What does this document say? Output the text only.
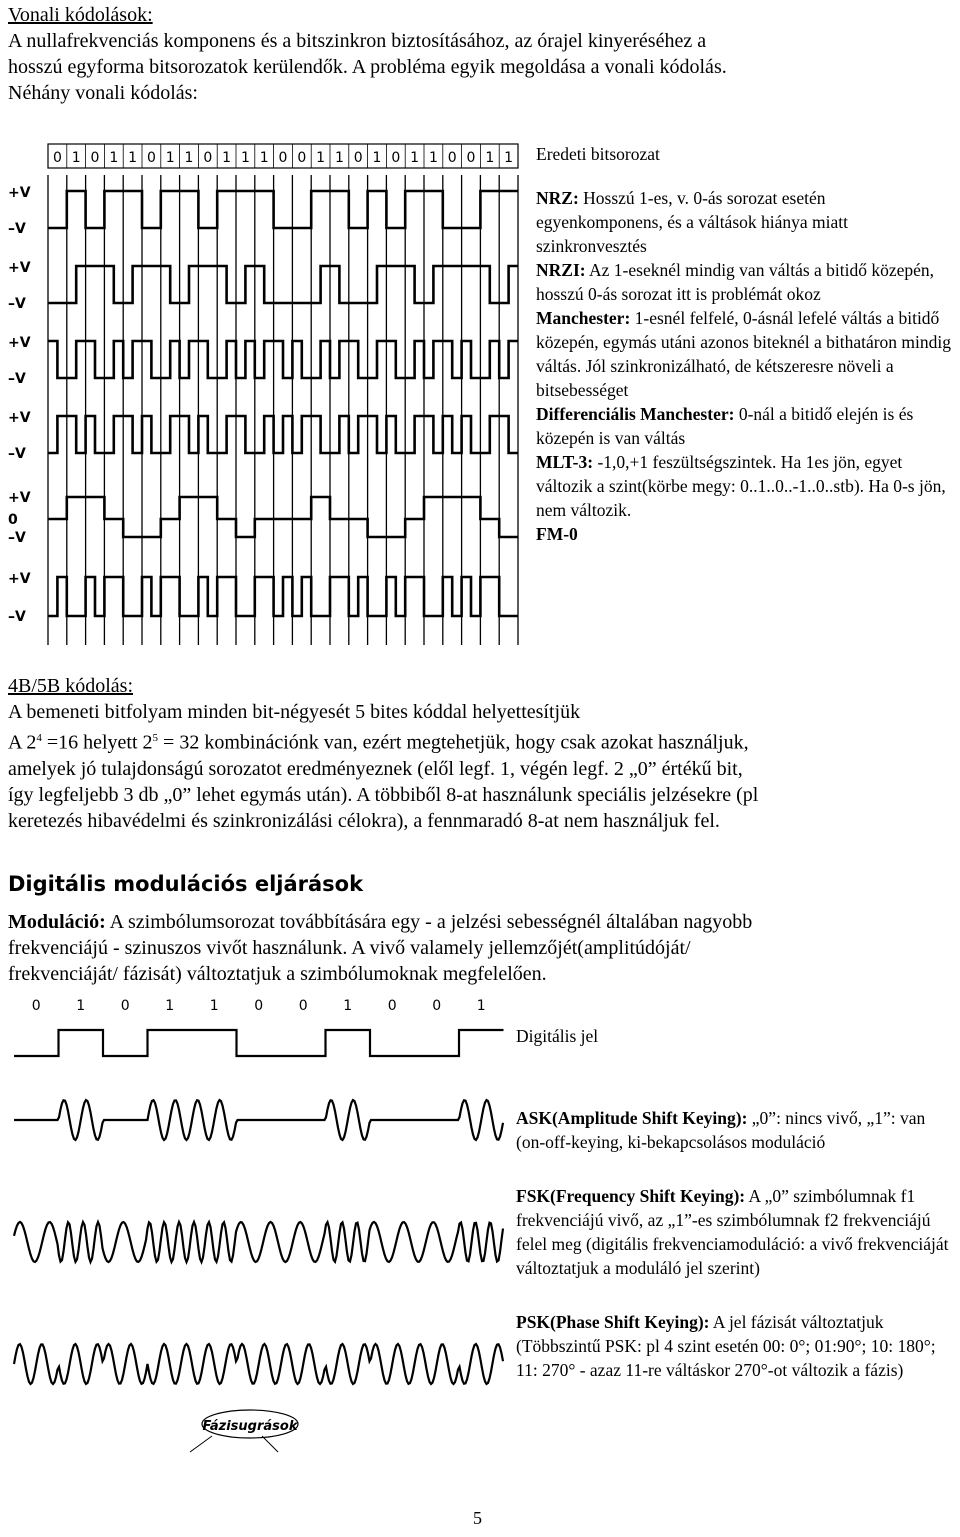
Vonali kódolások:

A nullafrekvenciás komponens és a bitszinkron biztosításához, az órajel kinyeréséhez a

hosszú egyforma bitsorozatok kerülendők. A probléma egyik megoldása a vonali kódolás.

Néhány vonali kódolás:

0 1 0 1 1 0 1 1 0 1 1 1 0 0 1 1 0 1 0 1 1 0 0 1 1
+V
–V
+V
–V
+V
–V
+V
–V
+V
0
–V
+V
–V

Eredeti bitsorozat

NRZ: Hosszú 1-es, v. 0-ás sorozat esetén egyenkomponens, és a váltások hiánya miatt szinkronvesztés

NRZI: Az 1-eseknél mindig van váltás a bitidő közepén, hosszú 0-ás sorozat itt is problémát okoz

Manchester: 1-esnél felfelé, 0-ásnál lefelé váltás a bitidő közepén, egymás utáni azonos biteknél a bithatáron mindig váltás. Jól szinkronizálható, de kétszeresre növeli a bitsebességet

Differenciális Manchester: 0-nál a bitidő elején is és közepén is van váltás

MLT-3: -1,0,+1 feszültségszintek. Ha 1es jön, egyet változik a szint(körbe megy: 0..1..0..-1..0..stb). Ha 0-s jön, nem változik.

FM-0

4B/5B kódolás:

A bemeneti bitfolyam minden bit-négyesét 5 bites kóddal helyettesítjük

A $2^4 =16$ helyett $2^5 = 32$ kombinációnk van, ezért megtehetjük, hogy csak azokat használjuk,

amelyek jó tulajdonságú sorozatot eredményeznek (elől legf. 1, végén legf. 2 „0” értékű bit,

így legfeljebb 3 db „0” lehet egymás után). A többiből 8-at használunk speciális jelzésekre (pl

keretezés hibavédelmi és szinkronizálási célokra), a fennmaradó 8-at nem használjuk fel.

Digitális modulációs eljárások

Moduláció: A szimbólumsorozat továbbítására egy - a jelzési sebességnél általában nagyobb

frekvenciájú - szinuszos vivőt használunk. A vivő valamely jellemzőjét(amplitúdóját/

frekvenciáját/ fázisát) változtatjuk a szimbólumoknak megfelelően.

0	1	0	1	1	0	0	1	0	0	1
Fázisugrások

Digitális jel

ASK(Amplitude Shift Keying): „0”: nincs vivő, „1”: van (on-off-keying, ki-bekapcsolásos moduláció

FSK(Frequency Shift Keying): A „0” szimbólumnak f1 frekvenciájú vivő, az „1”-es szimbólumnak f2 frekvenciájú felel meg (digitális frekvenciamoduláció: a vivő frekvenciáját változtatjuk a moduláló jel szerint)

PSK(Phase Shift Keying): A jel fázisát változtatjuk (Többszintű PSK: pl 4 szint esetén 00: 0°; 01:90°; 10: 180°; 11: 270° - azaz 11-re váltáskor 270°-ot változik a fázis)

5
